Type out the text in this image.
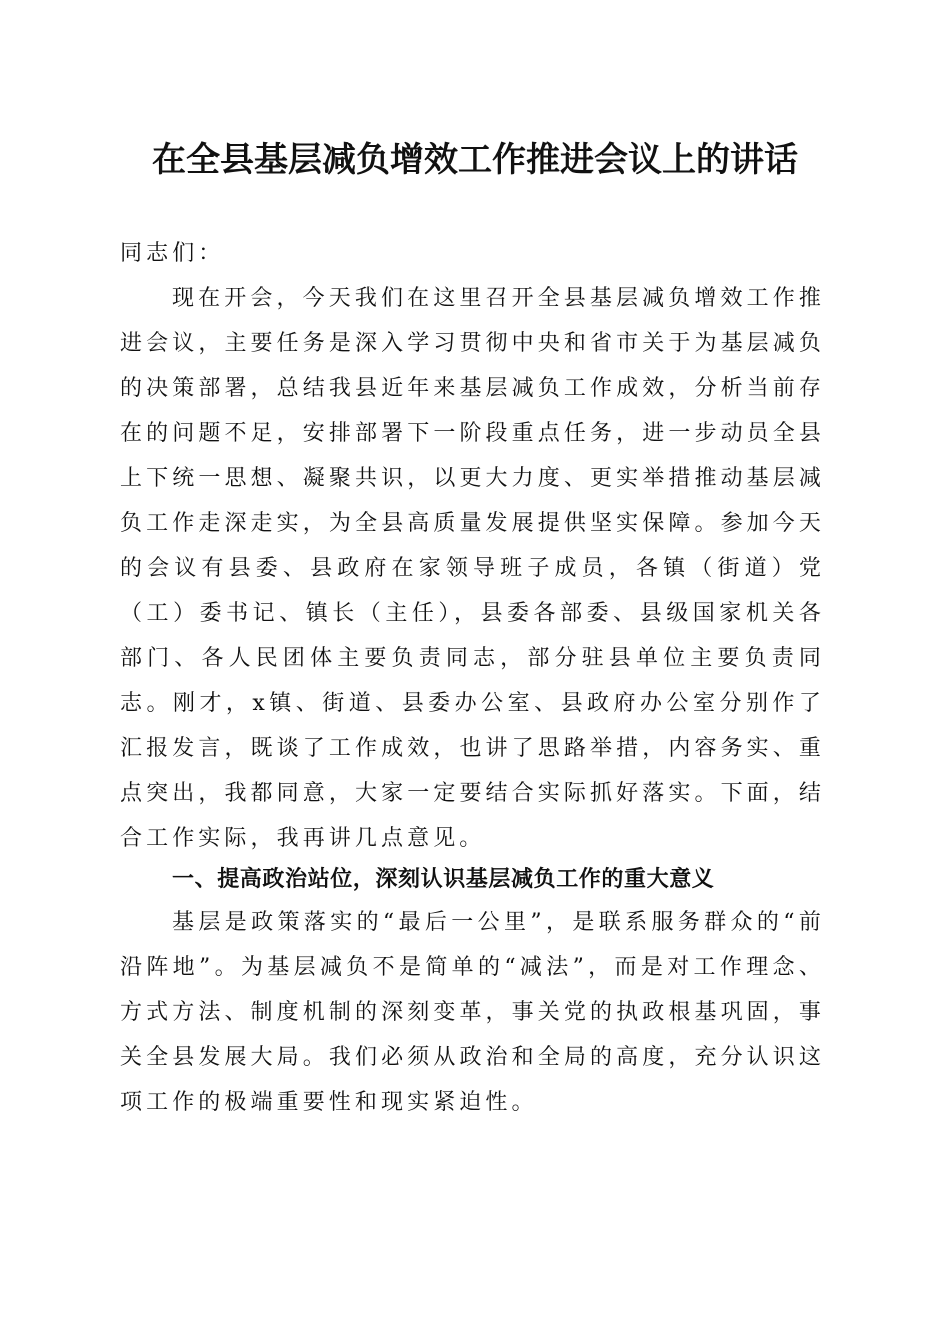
在全县基层减负增效工作推进会议上的讲话

同志们：

现在开会，今天我们在这里召开全县基层减负增效工作推进会议，主要任务是深入学习贯彻中央和省市关于为基层减负的决策部署，总结我县近年来基层减负工作成效，分析当前存在的问题不足，安排部署下一阶段重点任务，进一步动员全县上下统一思想、凝聚共识，以更大力度、更实举措推动基层减负工作走深走实，为全县高质量发展提供坚实保障。参加今天的会议有县委、县政府在家领导班子成员，各镇（街道）党（工）委书记、镇长（主任），县委各部委、县级国家机关各部门、各人民团体主要负责同志，部分驻县单位主要负责同志。刚才，x镇、街道、县委办公室、县政府办公室分别作了汇报发言，既谈了工作成效，也讲了思路举措，内容务实、重点突出，我都同意，大家一定要结合实际抓好落实。下面，结合工作实际，我再讲几点意见。

一、提高政治站位，深刻认识基层减负工作的重大意义

基层是政策落实的“最后一公里”，是联系服务群众的“前沿阵地”。为基层减负不是简单的“减法”，而是对工作理念、方式方法、制度机制的深刻变革，事关党的执政根基巩固，事关全县发展大局。我们必须从政治和全局的高度，充分认识这项工作的极端重要性和现实紧迫性。
